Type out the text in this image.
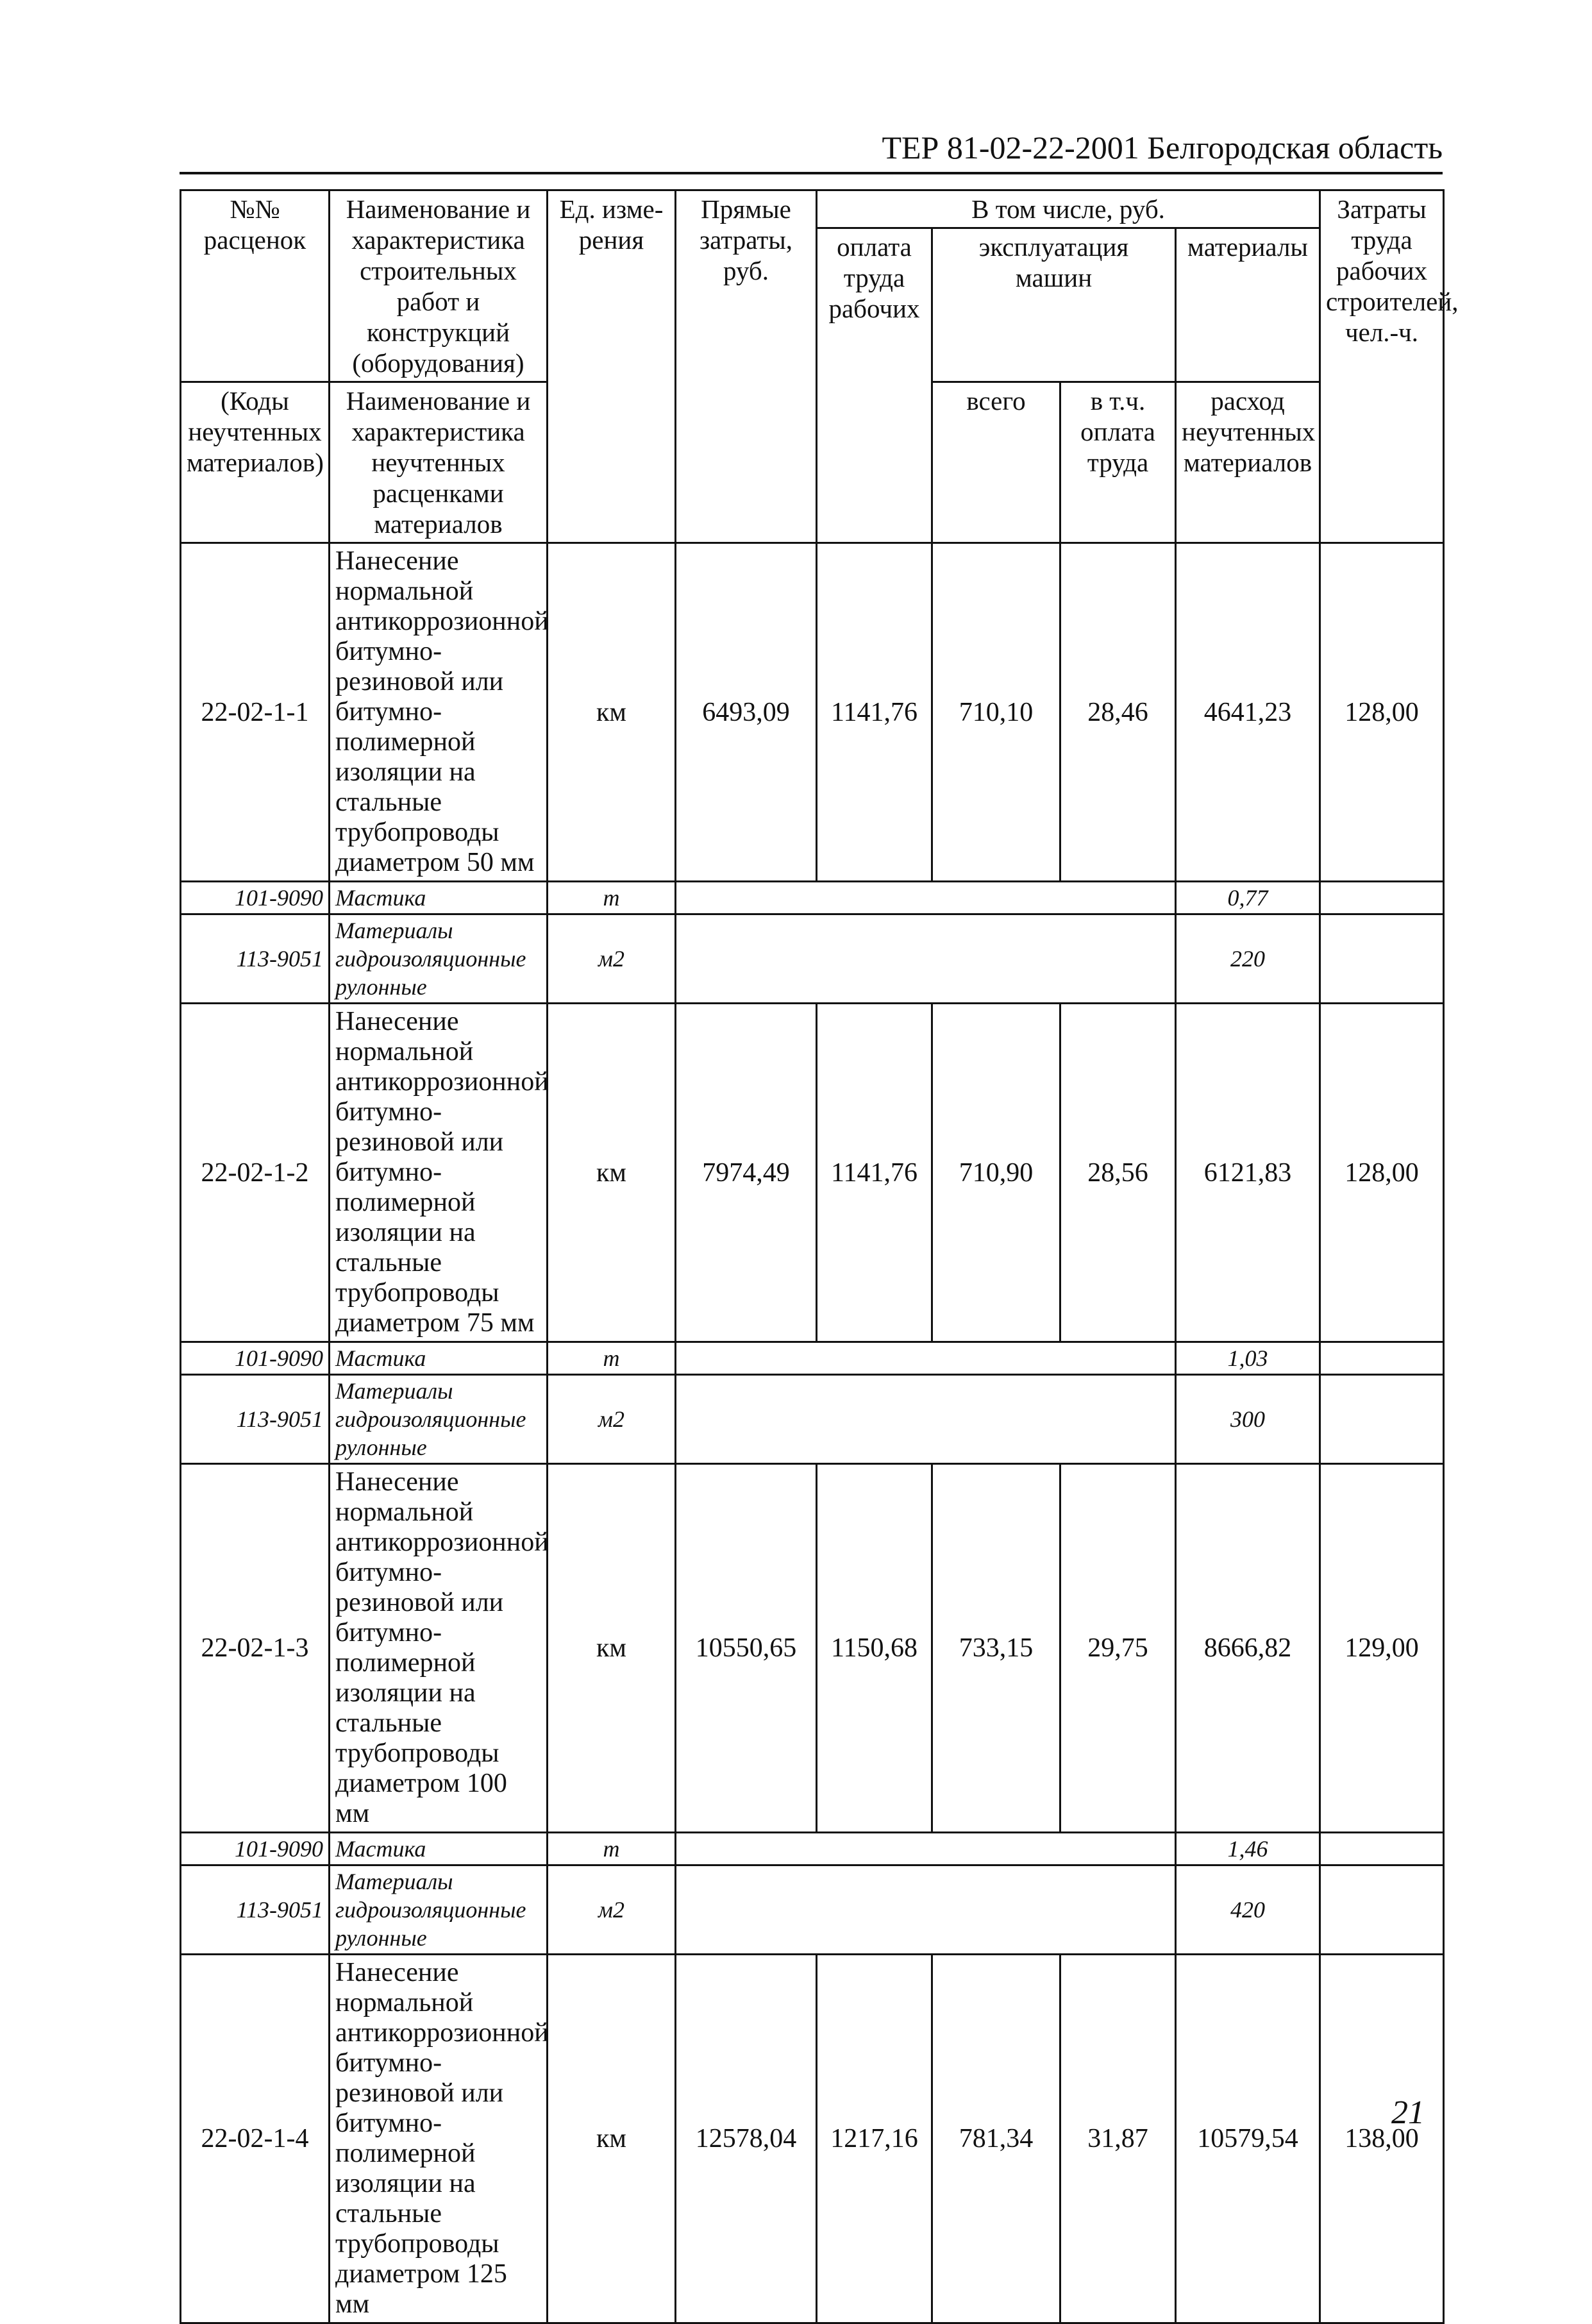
ТЕР 81-02-22-2001 Белгородская область
№№ расценок	Наименование и характеристика строительных работ и конструкций (оборудования)	Ед. изме-рения	Прямые затраты, руб.	В том числе, руб.				Затраты труда рабочих строителей, чел.-ч.
				оплата труда рабочих	эксплуатация машин		материалы	
(Коды неучтенных материалов)	Наименование и характеристика неучтенных расценками материалов				всего	в т.ч. оплата труда	расход неучтенных материалов	
22-02-1-1	Нанесение нормальной антикоррозионной битумно-резиновой или битумно-полимерной изоляции на стальные трубопроводы диаметром 50 мм	км	6493,09	1141,76	710,10	28,46	4641,23	128,00
101-9090	Мастика	т					0,77	
113-9051	Материалы гидроизоляционные рулонные	м2					220	
22-02-1-2	Нанесение нормальной антикоррозионной битумно-резиновой или битумно-полимерной изоляции на стальные трубопроводы диаметром 75 мм	км	7974,49	1141,76	710,90	28,56	6121,83	128,00
101-9090	Мастика	т					1,03	
113-9051	Материалы гидроизоляционные рулонные	м2					300	
22-02-1-3	Нанесение нормальной антикоррозионной битумно-резиновой или битумно-полимерной изоляции на стальные трубопроводы диаметром 100 мм	км	10550,65	1150,68	733,15	29,75	8666,82	129,00
101-9090	Мастика	т					1,46	
113-9051	Материалы гидроизоляционные рулонные	м2					420	
22-02-1-4	Нанесение нормальной антикоррозионной битумно-резиновой или битумно-полимерной изоляции на стальные трубопроводы диаметром 125 мм	км	12578,04	1217,16	781,34	31,87	10579,54	138,00
21
